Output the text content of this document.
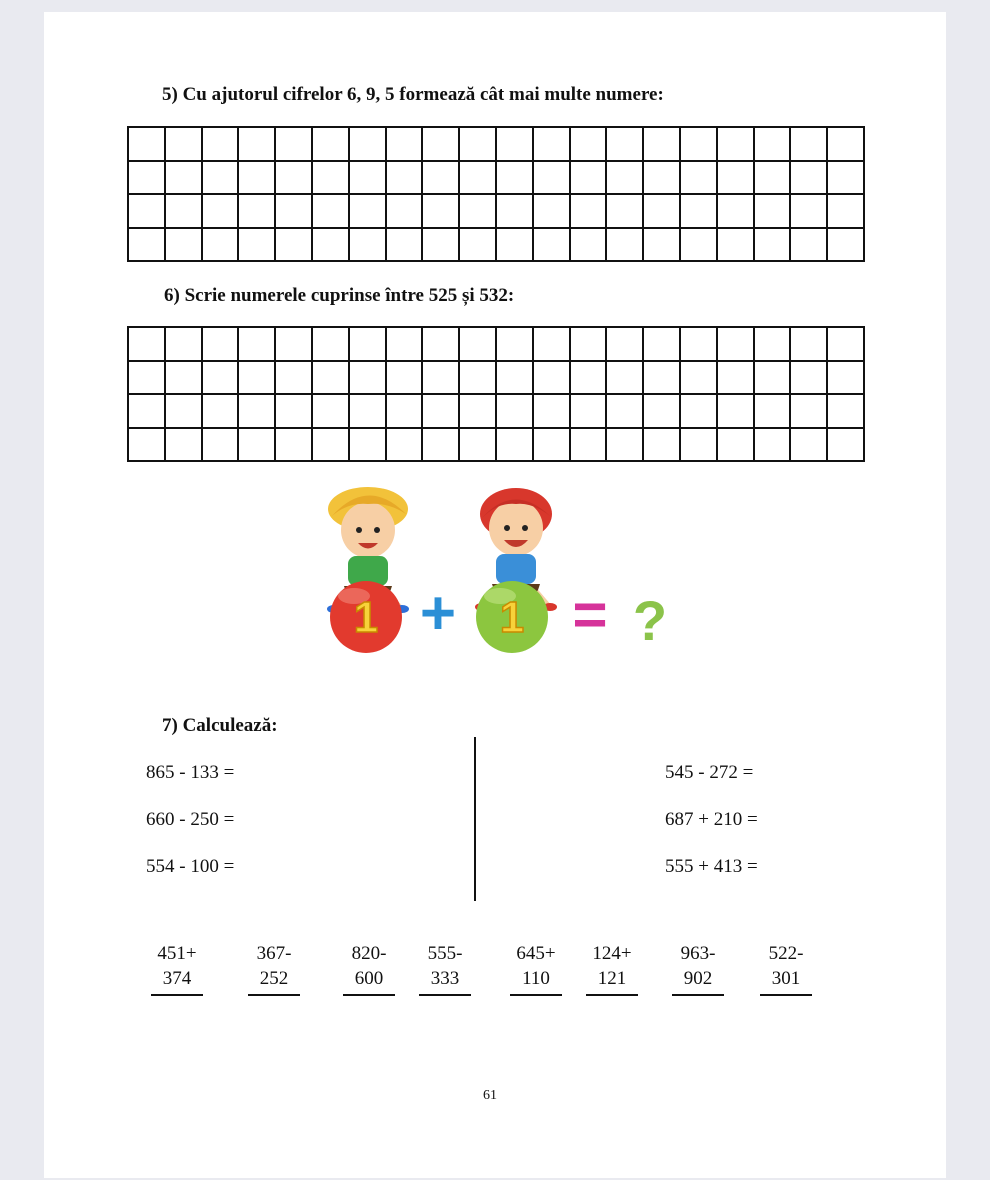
5) Cu ajutorul cifrelor 6, 9, 5 formează cât mai multe numere:

6) Scrie numerele cuprinse între 525 și 532:

1 + 1 = ?
7) Calculează:
865 - 133 =
660 - 250 =
554 - 100 =
545 - 272 =
687 + 210 =
555 + 413 =
451+
374
367-
252
820-
600
555-
333
645+
110
124+
121
963-
902
522-
301
61
